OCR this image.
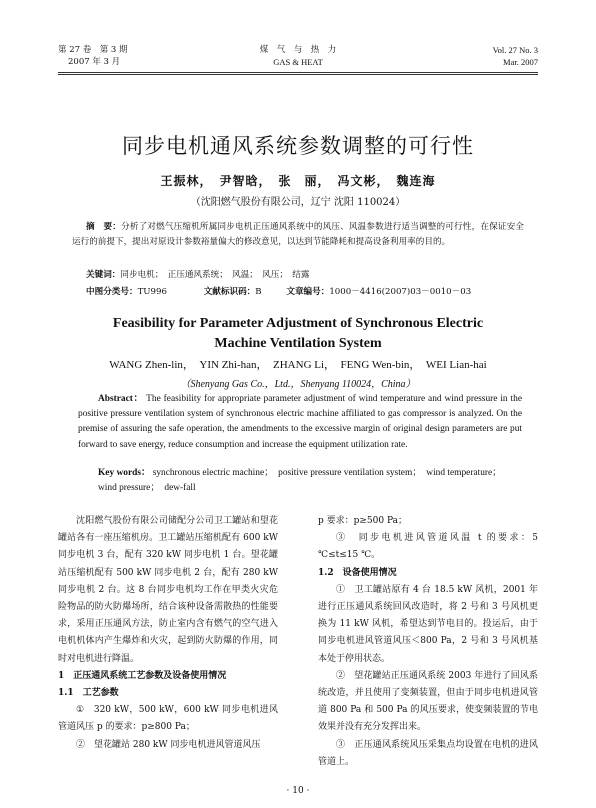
第 27 卷　第 3 期
2007 年 3 月
煤　气　与　热　力
GAS & HEAT
Vol. 27 No. 3
Mar. 2007
同步电机通风系统参数调整的可行性
王振林，　尹智晗，　张　丽，　冯文彬，　魏连海
（沈阳燃气股份有限公司，辽宁 沈阳 110024）
摘　要：分析了对燃气压缩机所属同步电机正压通风系统中的风压、风温参数进行适当调整的可行性，在保证安全运行的前提下，提出对原设计参数裕量偏大的修改意见，以达到节能降耗和提高设备利用率的目的。
关键词：同步电机；　正压通风系统；　风温；　风压；　结露
中图分类号：TU996	文献标识码：B	文章编号：1000－4416(2007)03－0010－03
Feasibility for Parameter Adjustment of Synchronous Electric
Machine Ventilation System
WANG Zhen-lin，　YIN Zhi-han，　ZHANG Li，　FENG Wen-bin，　WEI Lian-hai
（Shenyang Gas Co.，Ltd.，Shenyang 110024，China）
Abstract： The feasibility for appropriate parameter adjustment of wind temperature and wind pressure in the positive pressure ventilation system of synchronous electric machine affiliated to gas compressor is analyzed. On the premise of assuring the safe operation, the amendments to the excessive margin of original design parameters are put forward to save energy, reduce consumption and increase the equipment utilization rate.
Key words： synchronous electric machine；　positive pressure ventilation system；　wind temperature；　wind pressure；　dew-fall

沈阳燃气股份有限公司储配分公司卫工罐站和望花罐站各有一座压缩机房。卫工罐站压缩机配有 600 kW 同步电机 3 台，配有 320 kW 同步电机 1 台。望花罐站压缩机配有 500 kW 同步电机 2 台，配有 280 kW 同步电机 2 台。这 8 台同步电机均工作在甲类火灾危险物品的防火防爆场所，结合该种设备需散热的性能要求，采用正压通风方法，防止室内含有燃气的空气进入电机机体内产生爆炸和火灾，起到防火防爆的作用，同时对电机进行降温。

1　正压通风系统工艺参数及设备使用情况

1.1　工艺参数

①　320 kW，500 kW，600 kW 同步电机进风管道风压 p 的要求：p≥800 Pa；

②　望花罐站 280 kW 同步电机进风管道风压

p 要求：p≥500 Pa；

③　同步电机进风管道风温 t 的要求：5 ℃≤t≤15 ℃。

1.2　设备使用情况

①　卫工罐站原有 4 台 18.5 kW 风机，2001 年进行正压通风系统回风改造时，将 2 号和 3 号风机更换为 11 kW 风机，希望达到节电目的。投运后，由于同步电机进风管道风压＜800 Pa，2 号和 3 号风机基本处于停用状态。

②　望花罐站正压通风系统 2003 年进行了回风系统改造，并且使用了变频装置，但由于同步电机进风管道 800 Pa 和 500 Pa 的风压要求，使变频装置的节电效果并没有充分发挥出来。

③　正压通风系统风压采集点均设置在电机的进风管道上。

· 10 ·
